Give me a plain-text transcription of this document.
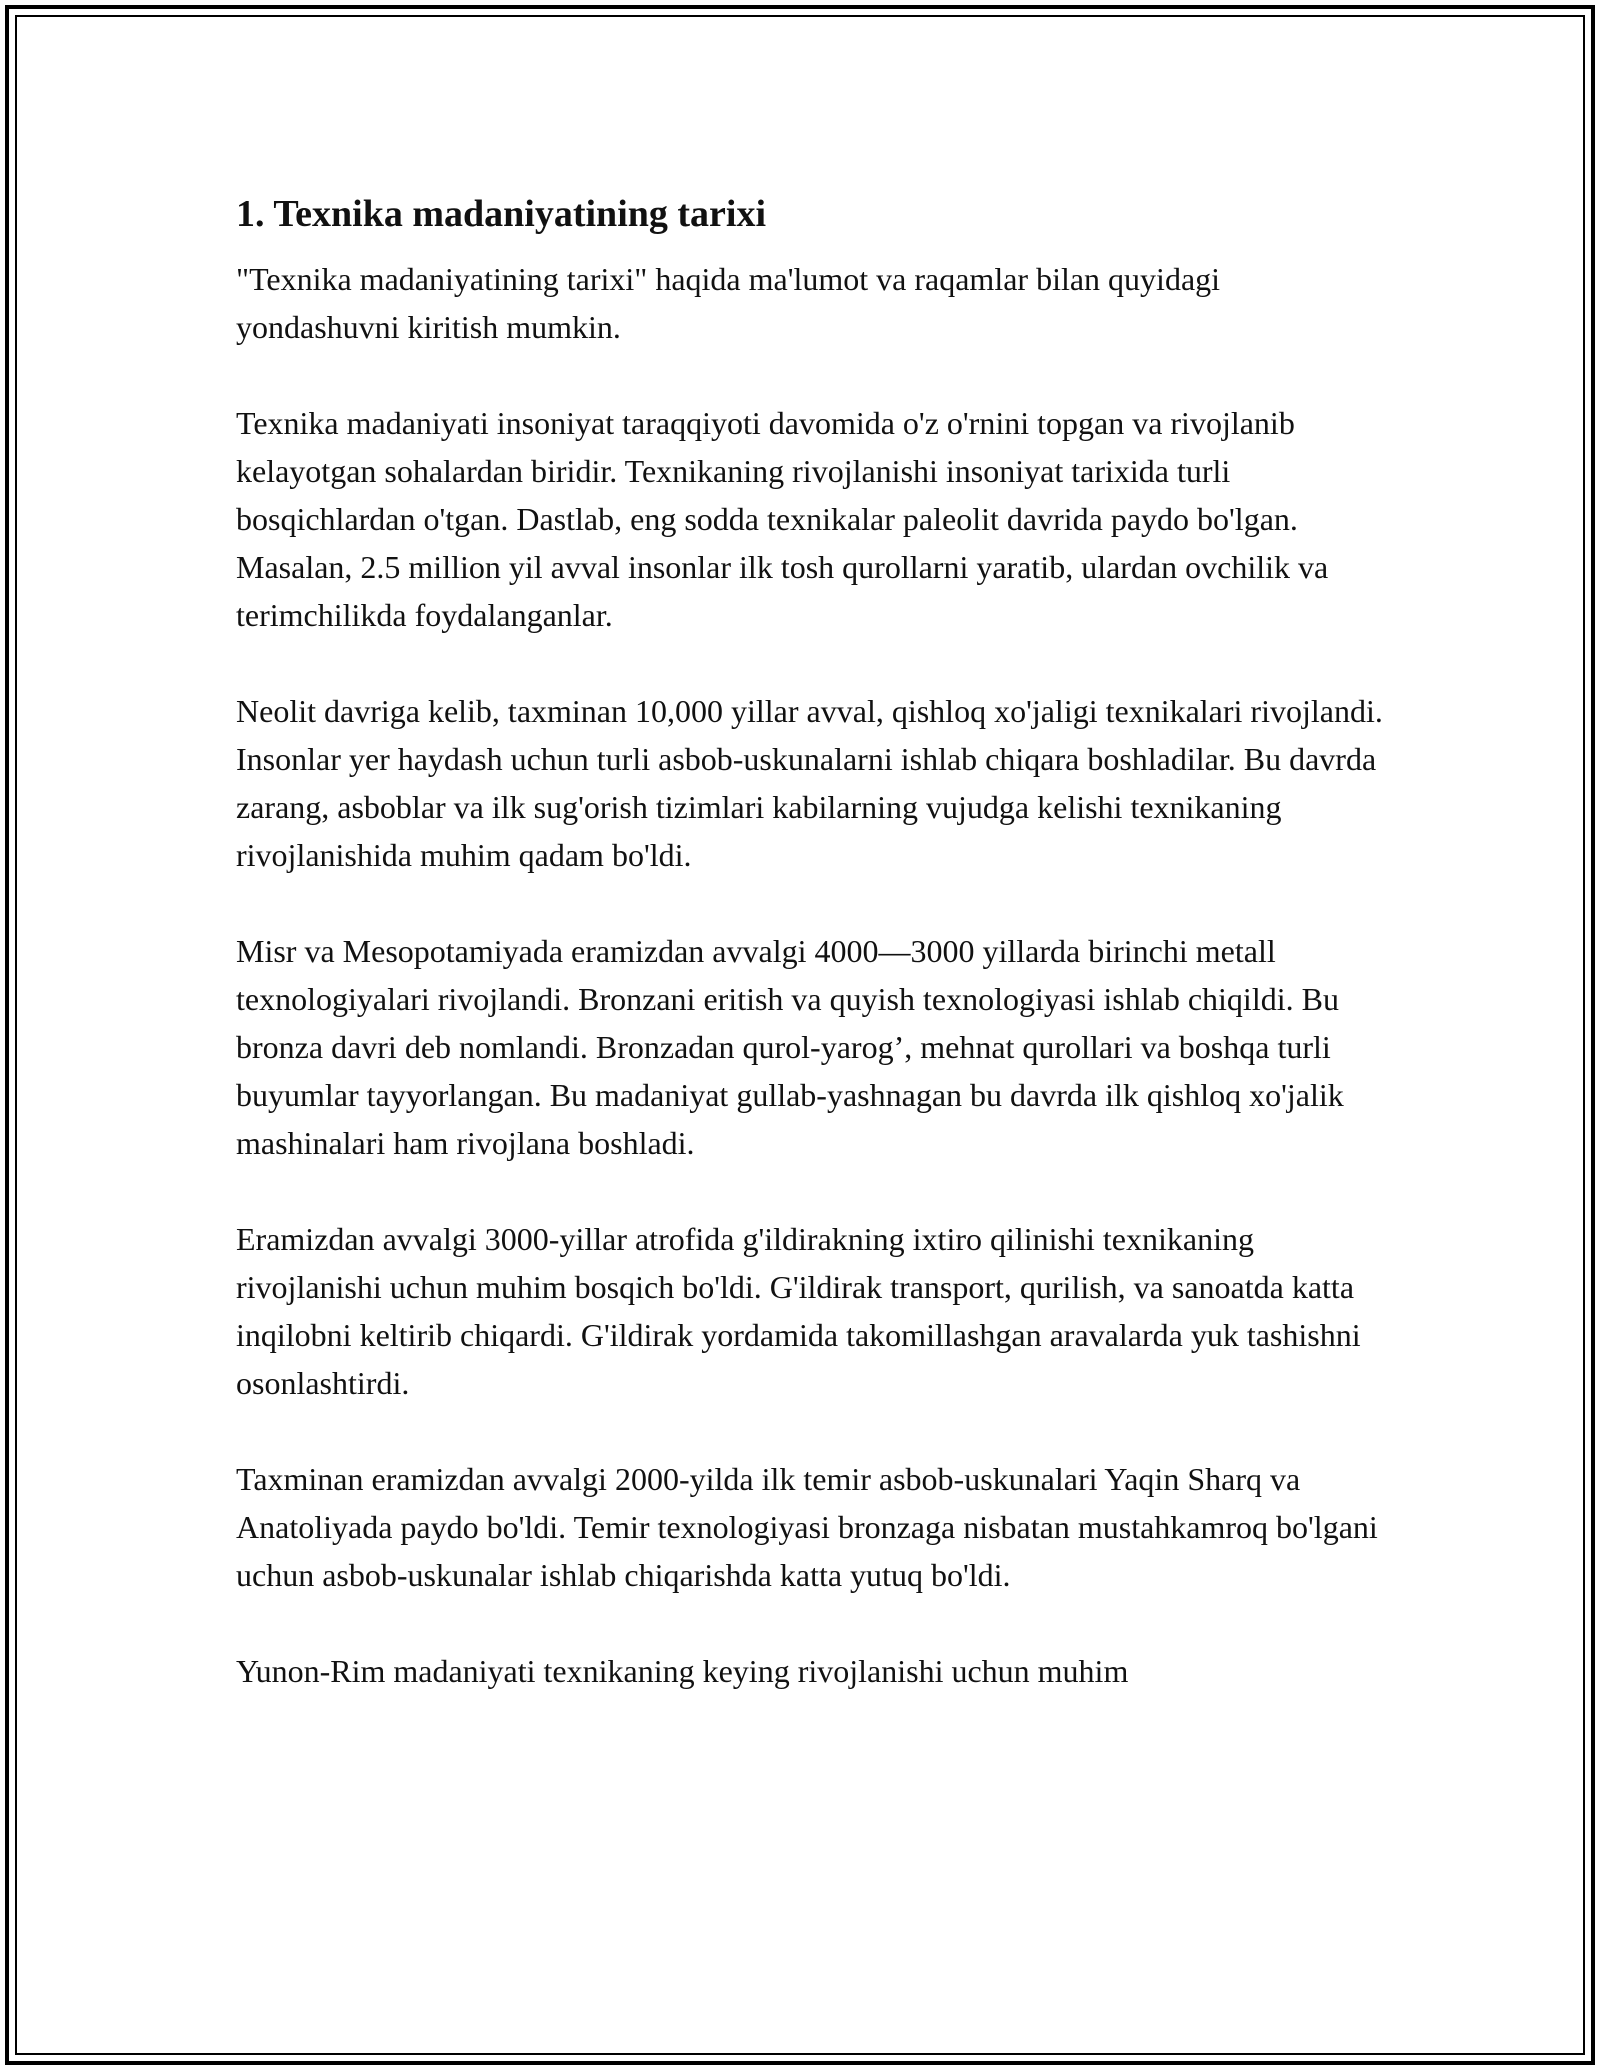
1. Texnika madaniyatining tarixi

"Texnika madaniyatining tarixi" haqida ma'lumot va raqamlar bilan quyidagi yondashuvni kiritish mumkin.

Texnika madaniyati insoniyat taraqqiyoti davomida o'z o'rnini topgan va rivojlanib kelayotgan sohalardan biridir. Texnikaning rivojlanishi insoniyat tarixida turli bosqichlardan o'tgan. Dastlab, eng sodda texnikalar paleolit davrida paydo bo'lgan. Masalan, 2.5 million yil avval insonlar ilk tosh qurollarni yaratib, ulardan ovchilik va terimchilikda foydalanganlar.

Neolit davriga kelib, taxminan 10,000 yillar avval, qishloq xo'jaligi texnikalari rivojlandi. Insonlar yer haydash uchun turli asbob-uskunalarni ishlab chiqara boshladilar. Bu davrda zarang, asboblar va ilk sug'orish tizimlari kabilarning vujudga kelishi texnikaning rivojlanishida muhim qadam bo'ldi.

Misr va Mesopotamiyada eramizdan avvalgi 4000—3000 yillarda birinchi metall texnologiyalari rivojlandi. Bronzani eritish va quyish texnologiyasi ishlab chiqildi. Bu bronza davri deb nomlandi. Bronzadan qurol-yarog’, mehnat qurollari va boshqa turli buyumlar tayyorlangan. Bu madaniyat gullab-yashnagan bu davrda ilk qishloq xo'jalik mashinalari ham rivojlana boshladi.

Eramizdan avvalgi 3000-yillar atrofida g'ildirakning ixtiro qilinishi texnikaning rivojlanishi uchun muhim bosqich bo'ldi. G'ildirak transport, qurilish, va sanoatda katta inqilobni keltirib chiqardi. G'ildirak yordamida takomillashgan aravalarda yuk tashishni osonlashtirdi.

Taxminan eramizdan avvalgi 2000-yilda ilk temir asbob-uskunalari Yaqin Sharq va Anatoliyada paydo bo'ldi. Temir texnologiyasi bronzaga nisbatan mustahkamroq bo'lgani uchun asbob-uskunalar ishlab chiqarishda katta yutuq bo'ldi.

Yunon-Rim madaniyati texnikaning keying rivojlanishi uchun muhim
